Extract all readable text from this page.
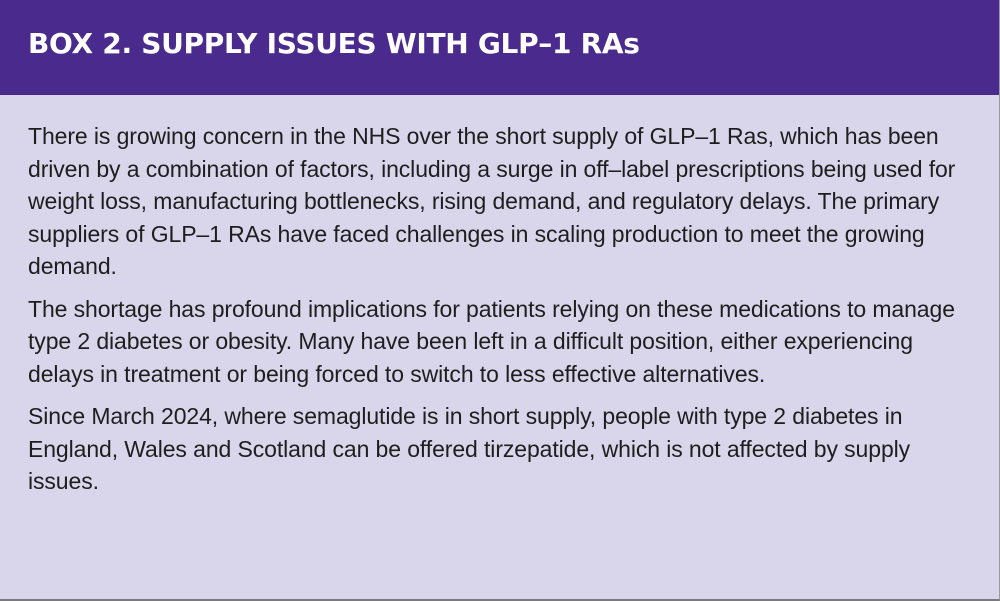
BOX 2. SUPPLY ISSUES WITH GLP–1 RAs

There is growing concern in the NHS over the short supply of GLP–1 Ras, which has been driven by a combination of factors, including a surge in off–label prescriptions being used for weight loss, manufacturing bottlenecks, rising demand, and regulatory delays. The primary suppliers of GLP–1 RAs have faced challenges in scaling production to meet the growing demand.

The shortage has profound implications for patients relying on these medications to manage type 2 diabetes or obesity. Many have been left in a difficult position, either experiencing delays in treatment or being forced to switch to less effective alternatives.

Since March 2024, where semaglutide is in short supply, people with type 2 diabetes in England, Wales and Scotland can be offered tirzepatide, which is not affected by supply issues.
